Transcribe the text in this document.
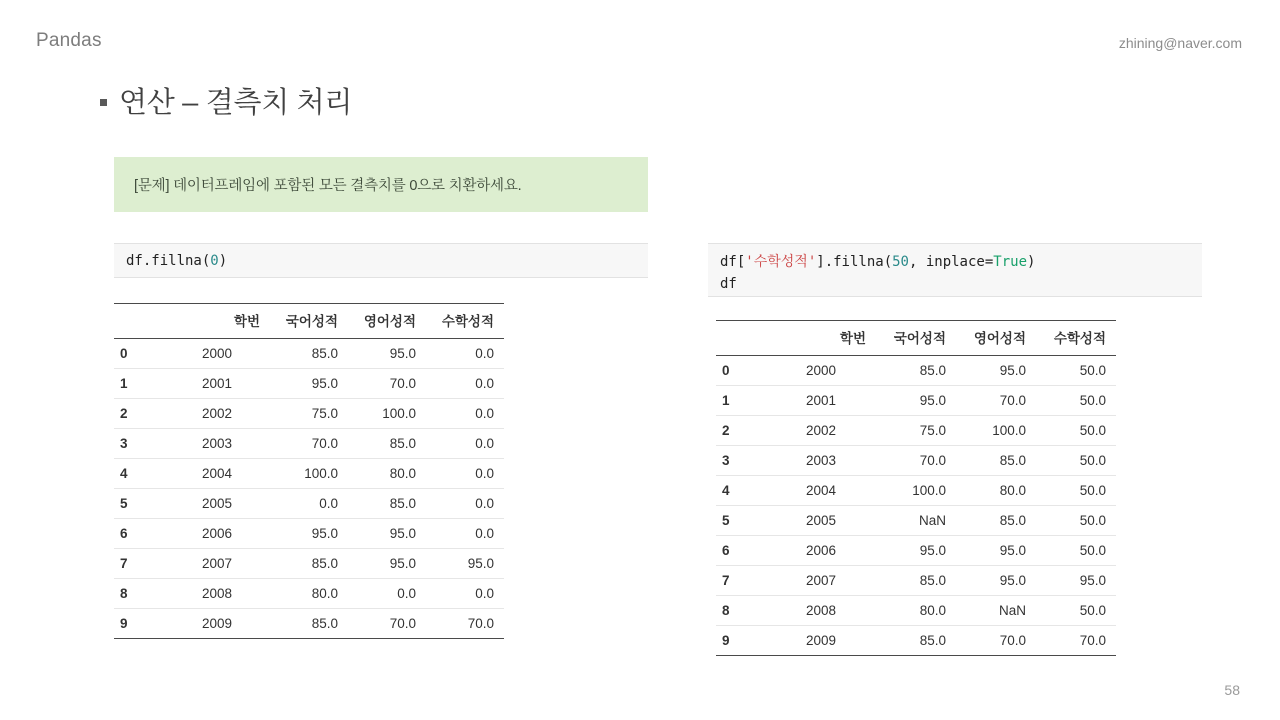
Pandas	zhining@naver.com
연산 – 결측치 처리
[문제] 데이터프레임에 포함된 모든 결측치를 0으로 치환하세요.
df.fillna(0)	df['수학성적'].fillna(50, inplace=True)
df
	학번	국어성적	영어성적	수학성적
0	2000	85.0	95.0	0.0
1	2001	95.0	70.0	0.0
2	2002	75.0	100.0	0.0
3	2003	70.0	85.0	0.0
4	2004	100.0	80.0	0.0
5	2005	0.0	85.0	0.0
6	2006	95.0	95.0	0.0
7	2007	85.0	95.0	95.0
8	2008	80.0	0.0	0.0
9	2009	85.0	70.0	70.0
	학번	국어성적	영어성적	수학성적
0	2000	85.0	95.0	50.0
1	2001	95.0	70.0	50.0
2	2002	75.0	100.0	50.0
3	2003	70.0	85.0	50.0
4	2004	100.0	80.0	50.0
5	2005	NaN	85.0	50.0
6	2006	95.0	95.0	50.0
7	2007	85.0	95.0	95.0
8	2008	80.0	NaN	50.0
9	2009	85.0	70.0	70.0
58
